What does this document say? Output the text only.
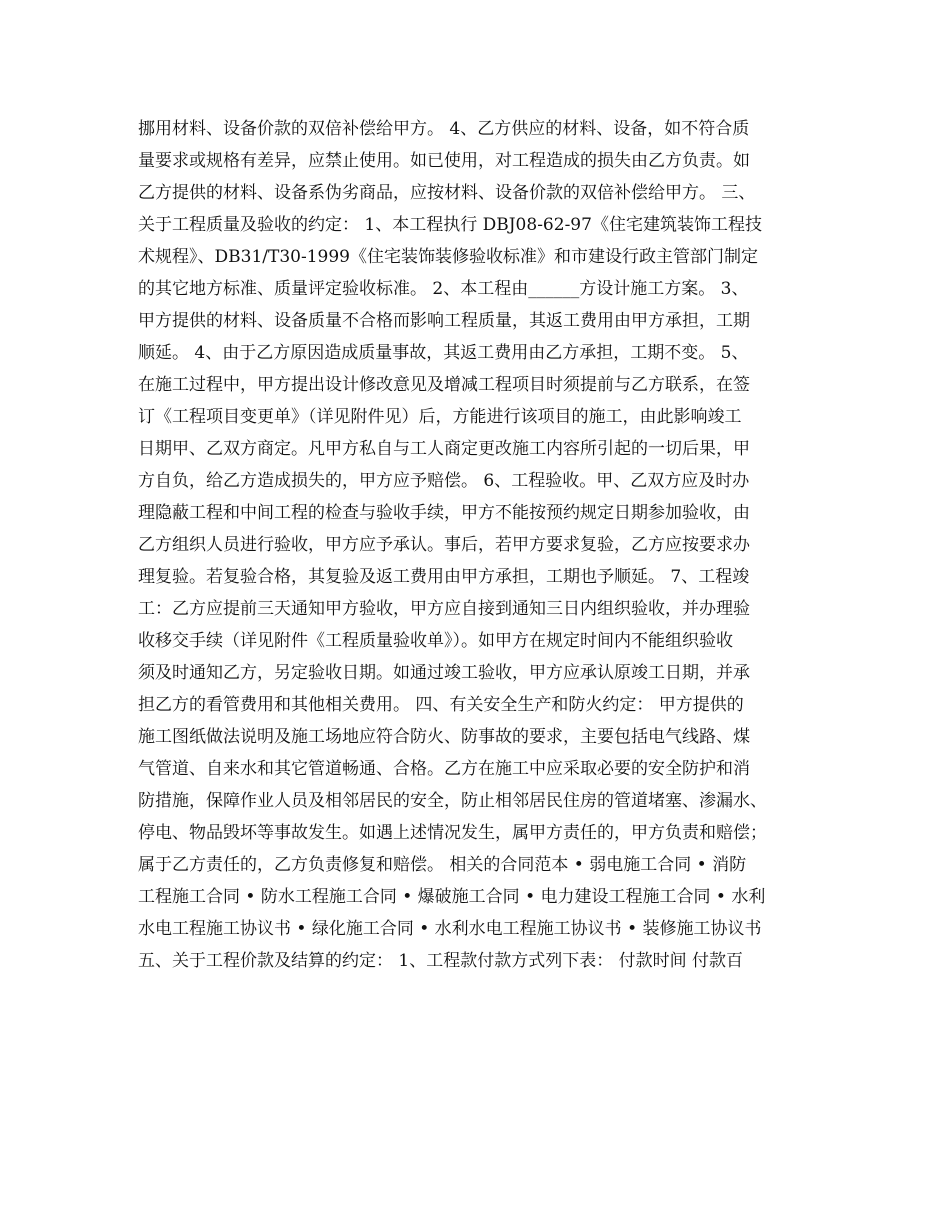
挪用材料、设备价款的双倍补偿给甲方。 4、乙方供应的材料、设备，如不符合质
量要求或规格有差异，应禁止使用。如已使用，对工程造成的损失由乙方负责。如
乙方提供的材料、设备系伪劣商品，应按材料、设备价款的双倍补偿给甲方。 三、
关于工程质量及验收的约定： 1、本工程执行 DBJ08-62-97《住宅建筑装饰工程技
术规程》、DB31/T30-1999《住宅装饰装修验收标准》和市建设行政主管部门制定
的其它地方标准、质量评定验收标准。 2、本工程由______方设计施工方案。 3、
甲方提供的材料、设备质量不合格而影响工程质量，其返工费用由甲方承担，工期
顺延。 4、由于乙方原因造成质量事故，其返工费用由乙方承担，工期不变。 5、
在施工过程中，甲方提出设计修改意见及增减工程项目时须提前与乙方联系，在签
订《工程项目变更单》（详见附件见）后，方能进行该项目的施工，由此影响竣工
日期甲、乙双方商定。凡甲方私自与工人商定更改施工内容所引起的一切后果，甲
方自负，给乙方造成损失的，甲方应予赔偿。 6、工程验收。甲、乙双方应及时办
理隐蔽工程和中间工程的检查与验收手续，甲方不能按预约规定日期参加验收，由
乙方组织人员进行验收，甲方应予承认。事后，若甲方要求复验，乙方应按要求办
理复验。若复验合格，其复验及返工费用由甲方承担，工期也予顺延。 7、工程竣
工：乙方应提前三天通知甲方验收，甲方应自接到通知三日内组织验收，并办理验
收移交手续（详见附件《工程质量验收单》）。如甲方在规定时间内不能组织验收
须及时通知乙方，另定验收日期。如通过竣工验收，甲方应承认原竣工日期，并承
担乙方的看管费用和其他相关费用。 四、有关安全生产和防火约定： 甲方提供的
施工图纸做法说明及施工场地应符合防火、防事故的要求，主要包括电气线路、煤
气管道、自来水和其它管道畅通、合格。乙方在施工中应采取必要的安全防护和消
防措施，保障作业人员及相邻居民的安全，防止相邻居民住房的管道堵塞、渗漏水、
停电、物品毁坏等事故发生。如遇上述情况发生，属甲方责任的，甲方负责和赔偿；
属于乙方责任的，乙方负责修复和赔偿。 相关的合同范本 • 弱电施工合同 • 消防
工程施工合同 • 防水工程施工合同 • 爆破施工合同 • 电力建设工程施工合同 • 水利
水电工程施工协议书 • 绿化施工合同 • 水利水电工程施工协议书 • 装修施工协议书
五、关于工程价款及结算的约定： 1、工程款付款方式列下表： 付款时间 付款百
